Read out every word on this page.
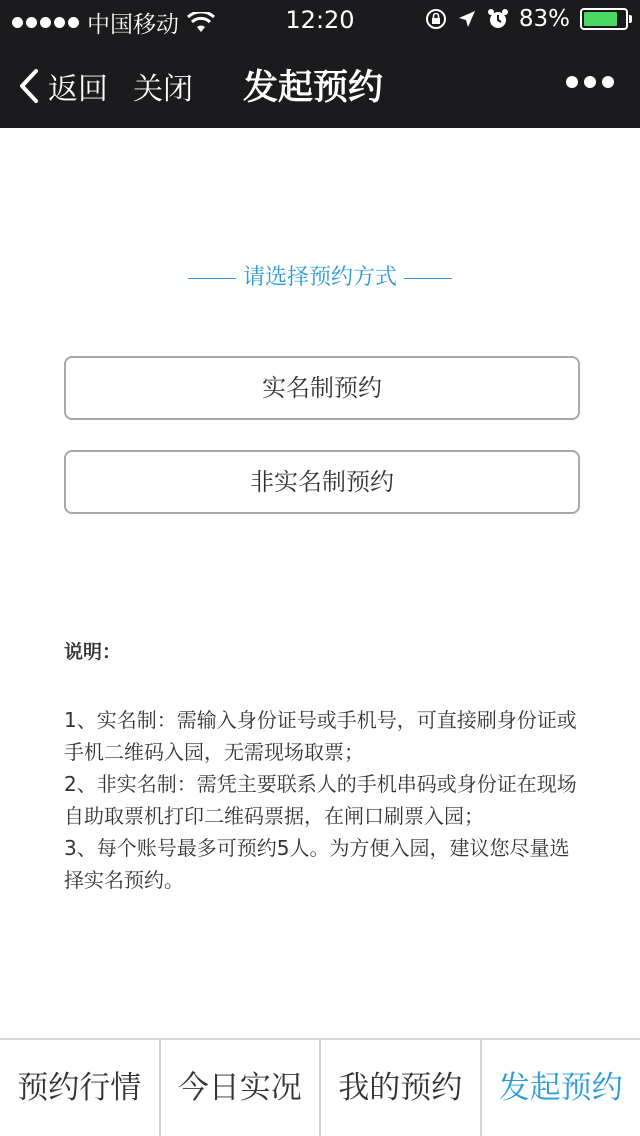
中国移动	12:20	83%
返回 关闭 发起预约
请选择预约方式
实名制预约
非实名制预约
说明：

1、实名制：需输入身份证号或手机号，可直接刷身份证或手机二维码入园，无需现场取票；

2、非实名制：需凭主要联系人的手机串码或身份证在现场自助取票机打印二维码票据，在闸口刷票入园；

3、每个账号最多可预约5人。为方便入园，建议您尽量选择实名预约。

预约行情	今日实况	我的预约	发起预约
